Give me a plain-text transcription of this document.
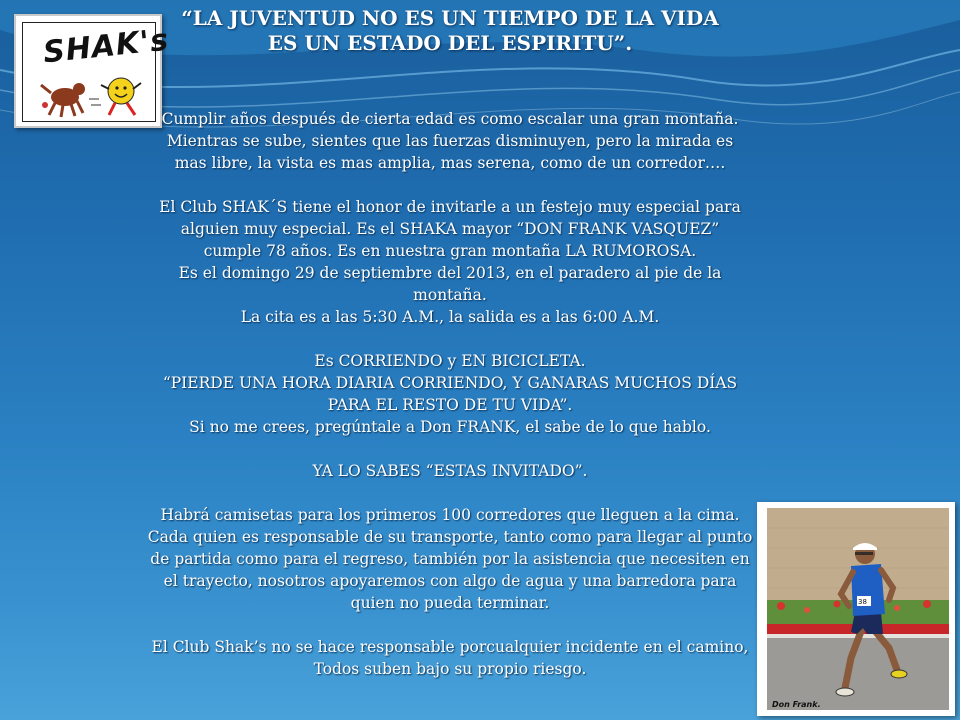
SHAK's
“LA JUVENTUD NO ES UN TIEMPO DE LA VIDA
ES UN ESTADO DEL ESPIRITU”.

Cumplir años después de cierta edad es como escalar una gran montaña.
Mientras se sube, sientes que las fuerzas disminuyen, pero la mirada es
mas libre, la vista es mas amplia, mas serena, como de un corredor….

El Club SHAK´S tiene el honor de invitarle a un festejo muy especial para
alguien muy especial. Es el SHAKA mayor “DON FRANK VASQUEZ”
cumple 78 años. Es en nuestra gran montaña LA RUMOROSA.
Es el domingo 29 de septiembre del 2013, en el paradero al pie de la
montaña.
La cita es a las 5:30 A.M., la salida es a las 6:00 A.M.

Es CORRIENDO y EN BICICLETA.
“PIERDE UNA HORA DIARIA CORRIENDO, Y GANARAS MUCHOS DÍAS
PARA EL RESTO DE TU VIDA”.
Si no me crees, pregúntale a Don FRANK, el sabe de lo que hablo.

YA LO SABES “ESTAS INVITADO”.

Habrá camisetas para los primeros 100 corredores que lleguen a la cima.
Cada quien es responsable de su transporte, tanto como para llegar al punto
de partida como para el regreso, también por la asistencia que necesiten en
el trayecto, nosotros apoyaremos con algo de agua y una barredora para
quien no pueda terminar.

El Club Shak’s no se hace responsable porcualquier incidente en el camino,
Todos suben bajo su propio riesgo.

38
Don Frank.
